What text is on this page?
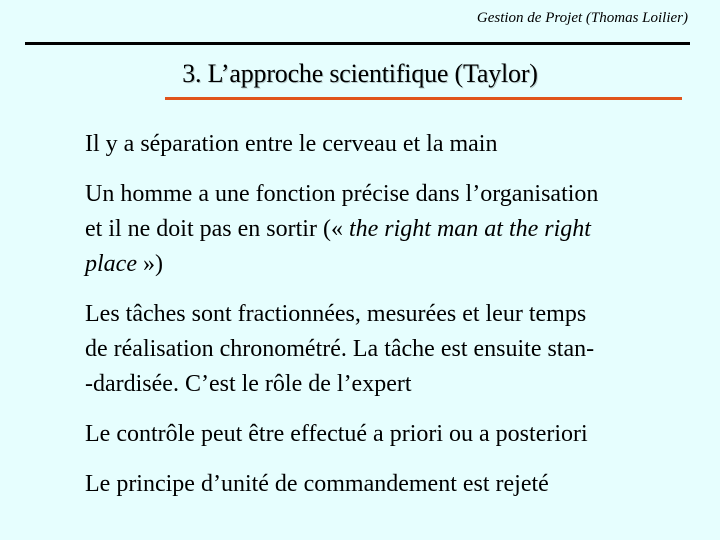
Gestion de Projet (Thomas Loilier)
3. L’approche scientifique (Taylor)
Il y a séparation entre le cerveau et la main
Un homme a une fonction précise dans l’organisation
et il ne doit pas en sortir (« the right man at the right
place »)
Les tâches sont fractionnées, mesurées et leur temps
de réalisation chronométré. La tâche est ensuite stan-
-dardisée. C’est le rôle de l’expert
Le contrôle peut être effectué a priori ou a posteriori
Le principe d’unité de commandement est rejeté
